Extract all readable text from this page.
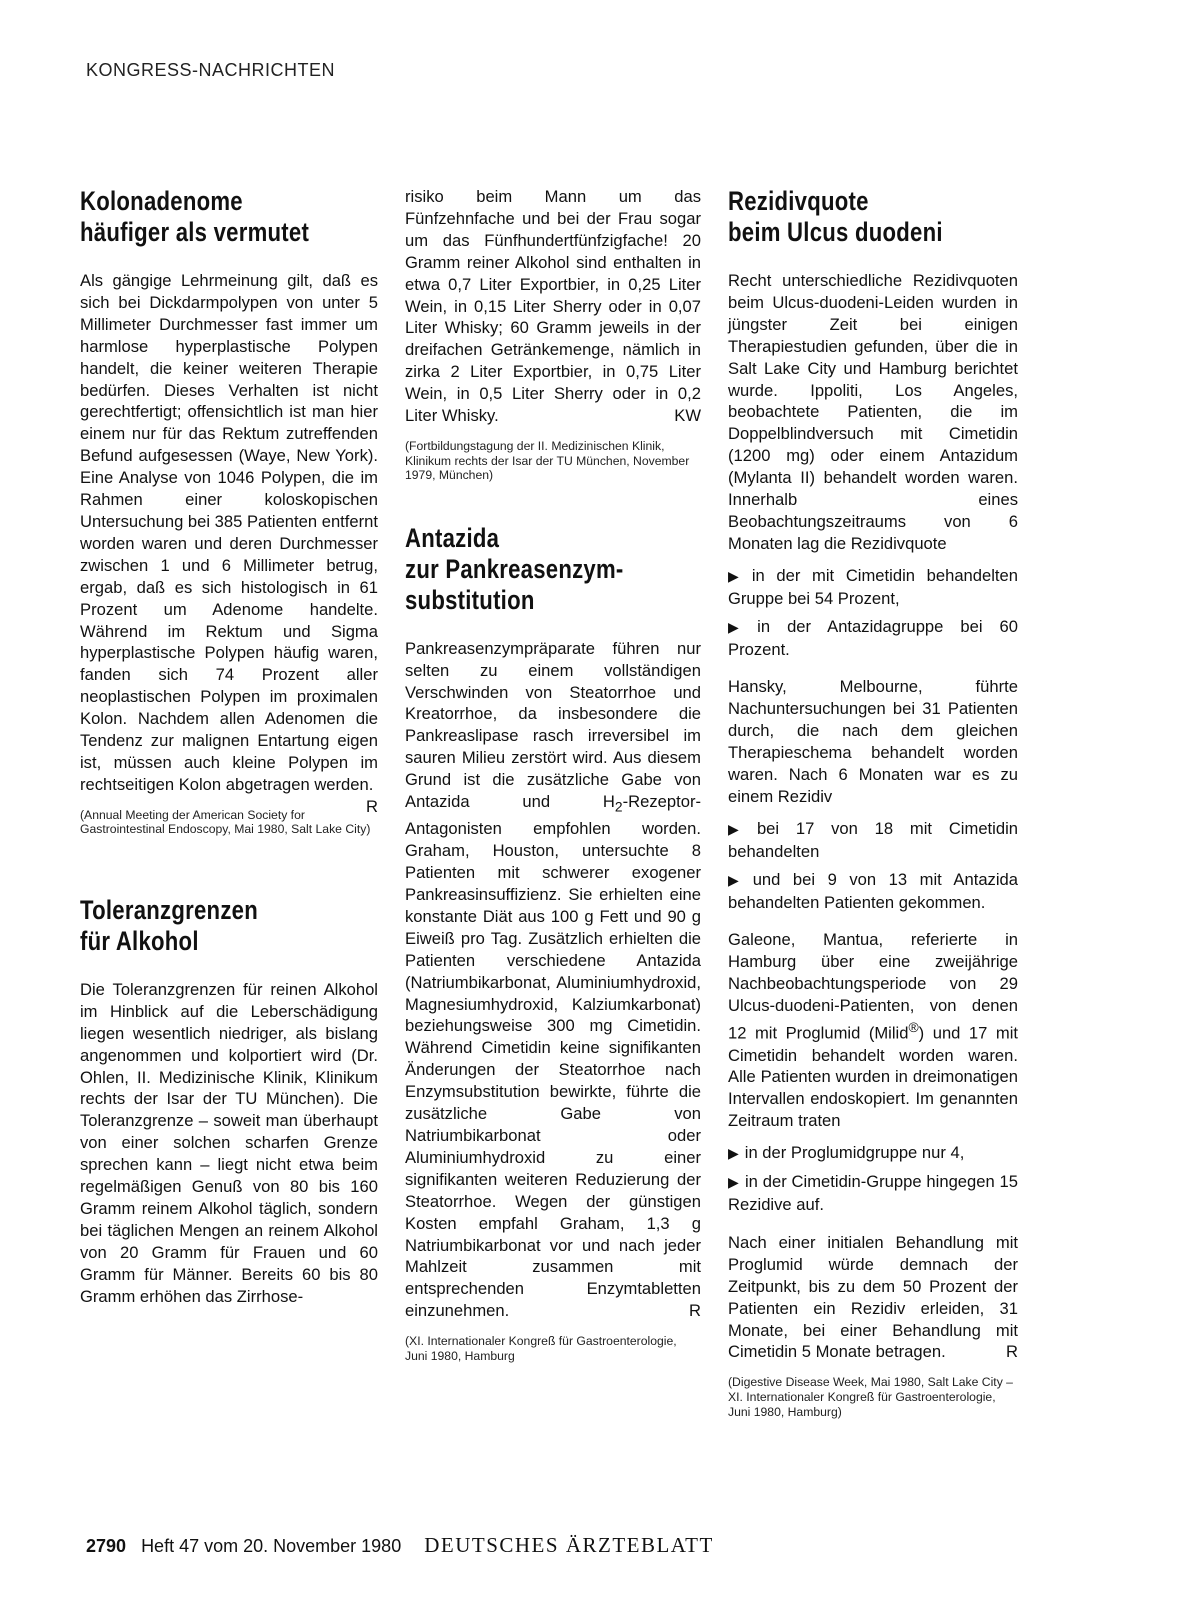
KONGRESS-NACHRICHTEN
Kolonadenome
häufiger als vermutet

Als gängige Lehrmeinung gilt, daß es sich bei Dickdarmpolypen von unter 5 Millimeter Durchmesser fast immer um harmlose hyperplastische Polypen handelt, die keiner weiteren Therapie bedürfen. Dieses Verhalten ist nicht gerechtfertigt; offensichtlich ist man hier einem nur für das Rektum zutreffenden Befund aufgesessen (Waye, New York). Eine Analyse von 1046 Polypen, die im Rahmen einer koloskopischen Untersuchung bei 385 Patienten entfernt worden waren und deren Durchmesser zwischen 1 und 6 Millimeter betrug, ergab, daß es sich histologisch in 61 Prozent um Adenome handelte. Während im Rektum und Sigma hyperplastische Polypen häufig waren, fanden sich 74 Prozent aller neoplastischen Polypen im proximalen Kolon. Nachdem allen Adenomen die Tendenz zur malignen Entartung eigen ist, müssen auch kleine Polypen im rechtseitigen Kolon abgetragen werden.
R

(Annual Meeting der American Society for Gastrointestinal Endoscopy, Mai 1980, Salt Lake City)
Toleranzgrenzen
für Alkohol

Die Toleranzgrenzen für reinen Alkohol im Hinblick auf die Leberschädigung liegen wesentlich niedriger, als bislang angenommen und kolportiert wird (Dr. Ohlen, II. Medizinische Klinik, Klinikum rechts der Isar der TU München). Die Toleranzgrenze – soweit man überhaupt von einer solchen scharfen Grenze sprechen kann – liegt nicht etwa beim regelmäßigen Genuß von 80 bis 160 Gramm reinem Alkohol täglich, sondern bei täglichen Mengen an reinem Alkohol von 20 Gramm für Frauen und 60 Gramm für Männer. Bereits 60 bis 80 Gramm erhöhen das Zirrhose-

risiko beim Mann um das Fünfzehnfache und bei der Frau sogar um das Fünfhundertfünfzigfache! 20 Gramm reiner Alkohol sind enthalten in etwa 0,7 Liter Exportbier, in 0,25 Liter Wein, in 0,15 Liter Sherry oder in 0,07 Liter Whisky; 60 Gramm jeweils in der dreifachen Getränkemenge, nämlich in zirka 2 Liter Exportbier, in 0,75 Liter Wein, in 0,5 Liter Sherry oder in 0,2 Liter Whisky.	KW

(Fortbildungstagung der II. Medizinischen Klinik, Klinikum rechts der Isar der TU München, November 1979, München)
Antazida
zur Pankreasenzym-
substitution

Pankreasenzympräparate führen nur selten zu einem vollständigen Verschwinden von Steatorrhoe und Kreatorrhoe, da insbesondere die Pankreaslipase rasch irreversibel im sauren Milieu zerstört wird. Aus diesem Grund ist die zusätzliche Gabe von Antazida und $H_2-Rezeptor$-Antagonisten empfohlen worden. Graham, Houston, untersuchte 8 Patienten mit schwerer exogener Pankreasinsuffizienz. Sie erhielten eine konstante Diät aus 100 g Fett und 90 g Eiweiß pro Tag. Zusätzlich erhielten die Patienten verschiedene Antazida (Natriumbikarbonat, Aluminiumhydroxid, Magnesiumhydroxid, Kalziumkarbonat) beziehungsweise 300 mg Cimetidin. Während Cimetidin keine signifikanten Änderungen der Steatorrhoe nach Enzymsubstitution bewirkte, führte die zusätzliche Gabe von Natriumbikarbonat oder Aluminiumhydroxid zu einer signifikanten weiteren Reduzierung der Steatorrhoe. Wegen der günstigen Kosten empfahl Graham, 1,3 g Natriumbikarbonat vor und nach jeder Mahlzeit zusammen mit entsprechenden Enzymtabletten einzunehmen.	R

(XI. Internationaler Kongreß für Gastroenterologie, Juni 1980, Hamburg
Rezidivquote
beim Ulcus duodeni

Recht unterschiedliche Rezidivquoten beim Ulcus-duodeni-Leiden wurden in jüngster Zeit bei einigen Therapiestudien gefunden, über die in Salt Lake City und Hamburg berichtet wurde. Ippoliti, Los Angeles, beobachtete Patienten, die im Doppelblindversuch mit Cimetidin (1200 mg) oder einem Antazidum (Mylanta II) behandelt worden waren. Innerhalb eines Beobachtungszeitraums von 6 Monaten lag die Rezidivquote

▶ in der mit Cimetidin behandelten Gruppe bei 54 Prozent,
▶ in der Antazidagruppe bei 60 Prozent.

Hansky, Melbourne, führte Nachuntersuchungen bei 31 Patienten durch, die nach dem gleichen Therapieschema behandelt worden waren. Nach 6 Monaten war es zu einem Rezidiv

▶ bei 17 von 18 mit Cimetidin behandelten
▶ und bei 9 von 13 mit Antazida behandelten Patienten gekommen.

Galeone, Mantua, referierte in Hamburg über eine zweijährige Nachbeobachtungsperiode von 29 Ulcus-duodeni-Patienten, von denen 12 mit Proglumid (Milid®) und 17 mit Cimetidin behandelt worden waren. Alle Patienten wurden in dreimonatigen Intervallen endoskopiert. Im genannten Zeitraum traten

▶ in der Proglumidgruppe nur 4,
▶ in der Cimetidin-Gruppe hingegen 15 Rezidive auf.

Nach einer initialen Behandlung mit Proglumid würde demnach der Zeitpunkt, bis zu dem 50 Prozent der Patienten ein Rezidiv erleiden, 31 Monate, bei einer Behandlung mit Cimetidin 5 Monate betragen.	R

(Digestive Disease Week, Mai 1980, Salt Lake City – XI. Internationaler Kongreß für Gastroenterologie, Juni 1980, Hamburg)
2790 Heft 47 vom 20. November 1980 DEUTSCHES ÄRZTEBLATT
